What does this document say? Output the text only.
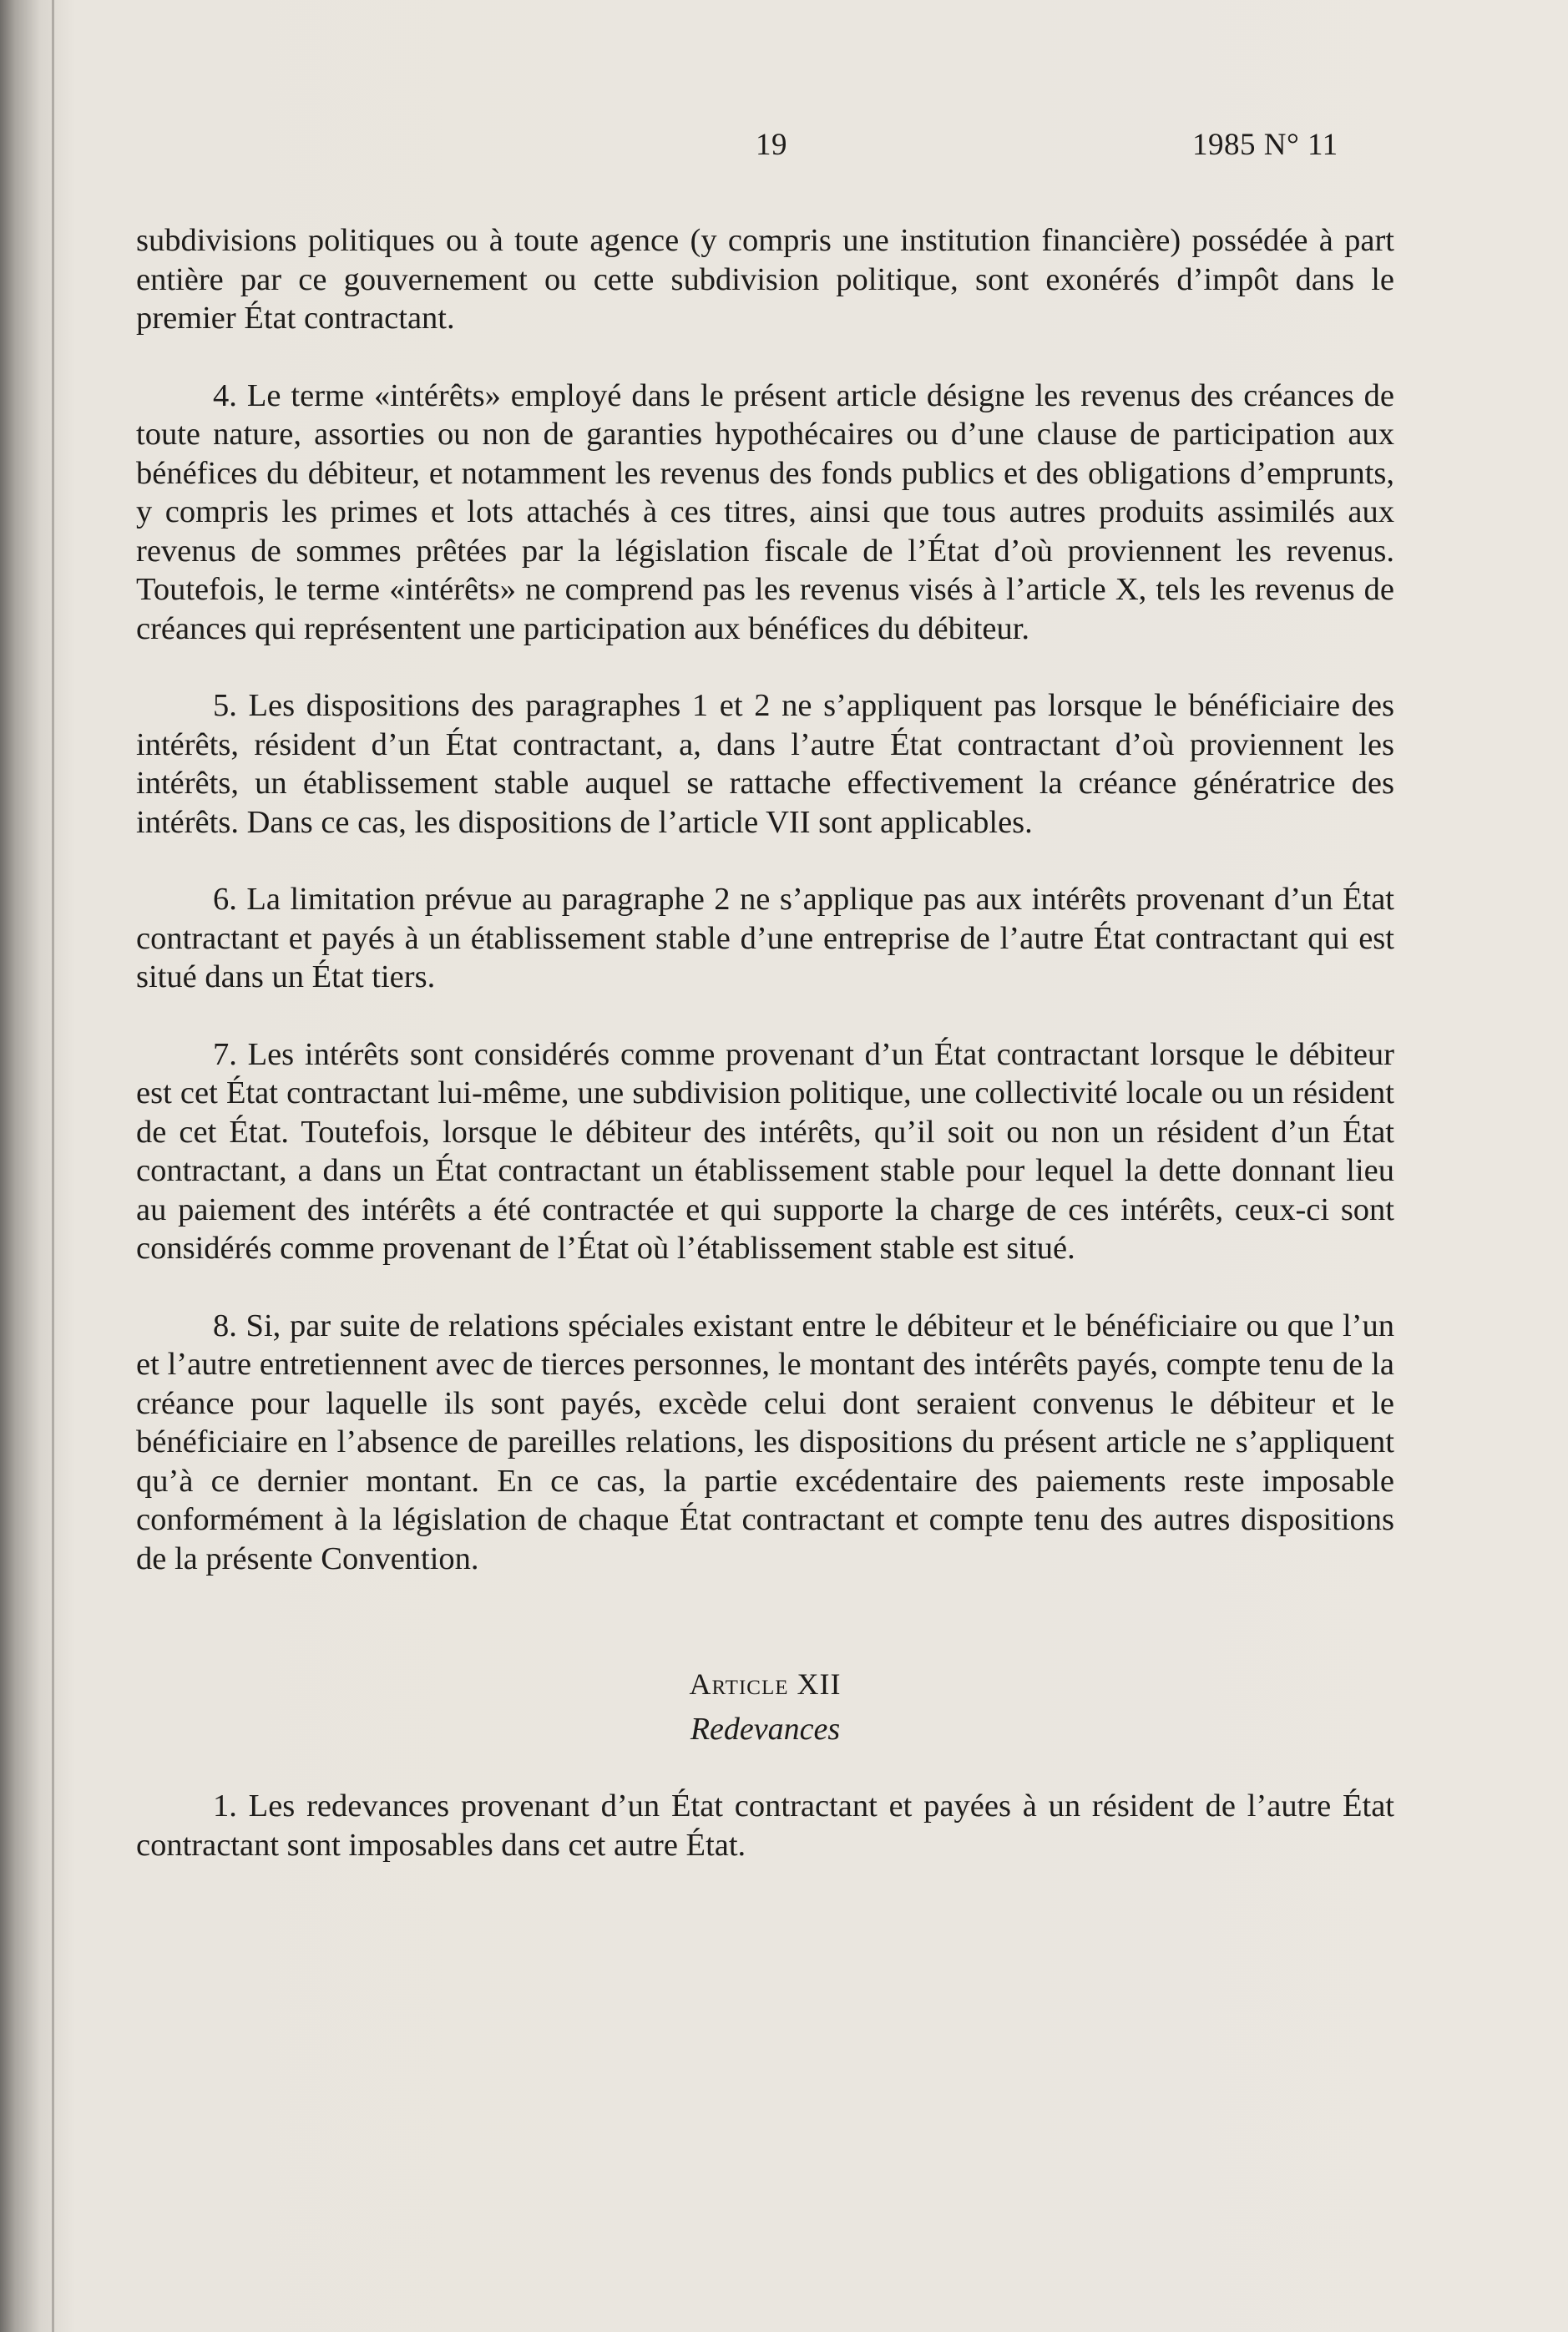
19	1985 N° 11

subdivisions politiques ou à toute agence (y compris une institution financière) possédée à part entière par ce gouvernement ou cette subdivision politique, sont exonérés d’impôt dans le premier État contractant.

4. Le terme «intérêts» employé dans le présent article désigne les revenus des créances de toute nature, assorties ou non de garanties hypothécaires ou d’une clause de participation aux bénéfices du débiteur, et notamment les revenus des fonds publics et des obligations d’emprunts, y compris les primes et lots attachés à ces titres, ainsi que tous autres produits assimilés aux revenus de sommes prêtées par la législation fiscale de l’État d’où proviennent les revenus. Toutefois, le terme «intérêts» ne comprend pas les revenus visés à l’article X, tels les revenus de créances qui représentent une participation aux bénéfices du débiteur.

5. Les dispositions des paragraphes 1 et 2 ne s’appliquent pas lorsque le bénéficiaire des intérêts, résident d’un État contractant, a, dans l’autre État contractant d’où proviennent les intérêts, un établissement stable auquel se rattache effectivement la créance génératrice des intérêts. Dans ce cas, les dispositions de l’article VII sont applicables.

6. La limitation prévue au paragraphe 2 ne s’applique pas aux intérêts provenant d’un État contractant et payés à un établissement stable d’une entreprise de l’autre État contractant qui est situé dans un État tiers.

7. Les intérêts sont considérés comme provenant d’un État contractant lorsque le débiteur est cet État contractant lui-même, une subdivision politique, une collectivité locale ou un résident de cet État. Toutefois, lorsque le débiteur des intérêts, qu’il soit ou non un résident d’un État contractant, a dans un État contractant un établissement stable pour lequel la dette donnant lieu au paiement des intérêts a été contractée et qui supporte la charge de ces intérêts, ceux-ci sont considérés comme provenant de l’État où l’établissement stable est situé.

8. Si, par suite de relations spéciales existant entre le débiteur et le bénéficiaire ou que l’un et l’autre entretiennent avec de tierces personnes, le montant des intérêts payés, compte tenu de la créance pour laquelle ils sont payés, excède celui dont seraient convenus le débiteur et le bénéficiaire en l’absence de pareilles relations, les dispositions du présent article ne s’appliquent qu’à ce dernier montant. En ce cas, la partie excédentaire des paiements reste imposable conformément à la législation de chaque État contractant et compte tenu des autres dispositions de la présente Convention.

Article XII

Redevances

1. Les redevances provenant d’un État contractant et payées à un résident de l’autre État contractant sont imposables dans cet autre État.
